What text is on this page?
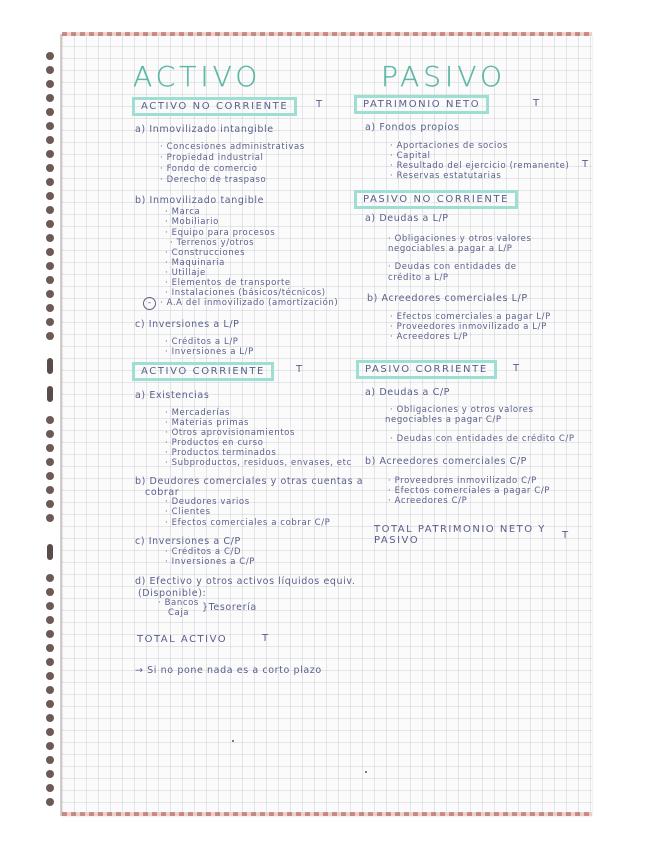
ACTIVO
ACTIVO NO CORRIENTE	T
a) Inmovilizado intangible
· Concesiones administrativas
· Propiedad industrial
· Fondo de comercio
· Derecho de traspaso
b) Inmovilizado tangible
· Marca
· Mobiliario
· Equipo para procesos
· Terrenos y/otros
· Construcciones
· Maquinaria
· Utillaje
· Elementos de transporte
· Instalaciones (básicos/técnicos)
-	· A.A del inmovilizado (amortización)
c) Inversiones a L/P
· Créditos a L/P
· Inversiones a L/P
ACTIVO CORRIENTE	T
a) Existencias
· Mercaderías
· Materias primas
· Otros aprovisionamientos
· Productos en curso
· Productos terminados
· Subproductos, residuos, envases, etc
b) Deudores comerciales y otras cuentas a
cobrar
· Deudores varios
· Clientes
· Efectos comerciales a cobrar C/P
c) Inversiones a C/P
· Créditos a C/D
· Inversiones a C/P
d) Efectivo y otros activos líquidos equiv.
(Disponible):
· Bancos
Caja }Tesorería
TOTAL ACTIVO	T
→ Si no pone nada es a corto plazo
PASIVO
PATRIMONIO NETO	T
a) Fondos propios
· Aportaciones de socios
· Capital
· Resultado del ejercicio (remanente) T
· Reservas estatutarias
PASIVO NO CORRIENTE
a) Deudas a L/P
· Obligaciones y otros valores
negociables a pagar a L/P
· Deudas con entidades de
crédito a L/P
b) Acreedores comerciales L/P
· Efectos comerciales a pagar L/P
· Proveedores inmovilizado a L/P
· Acreedores L/P
PASIVO CORRIENTE	T
a) Deudas a C/P
· Obligaciones y otros valores
negociables a pagar C/P
· Deudas con entidades de crédito C/P
b) Acreedores comerciales C/P
· Proveedores inmovilizado C/P
· Efectos comerciales a pagar C/P
· Acreedores C/P
TOTAL PATRIMONIO NETO Y
PASIVO	T
